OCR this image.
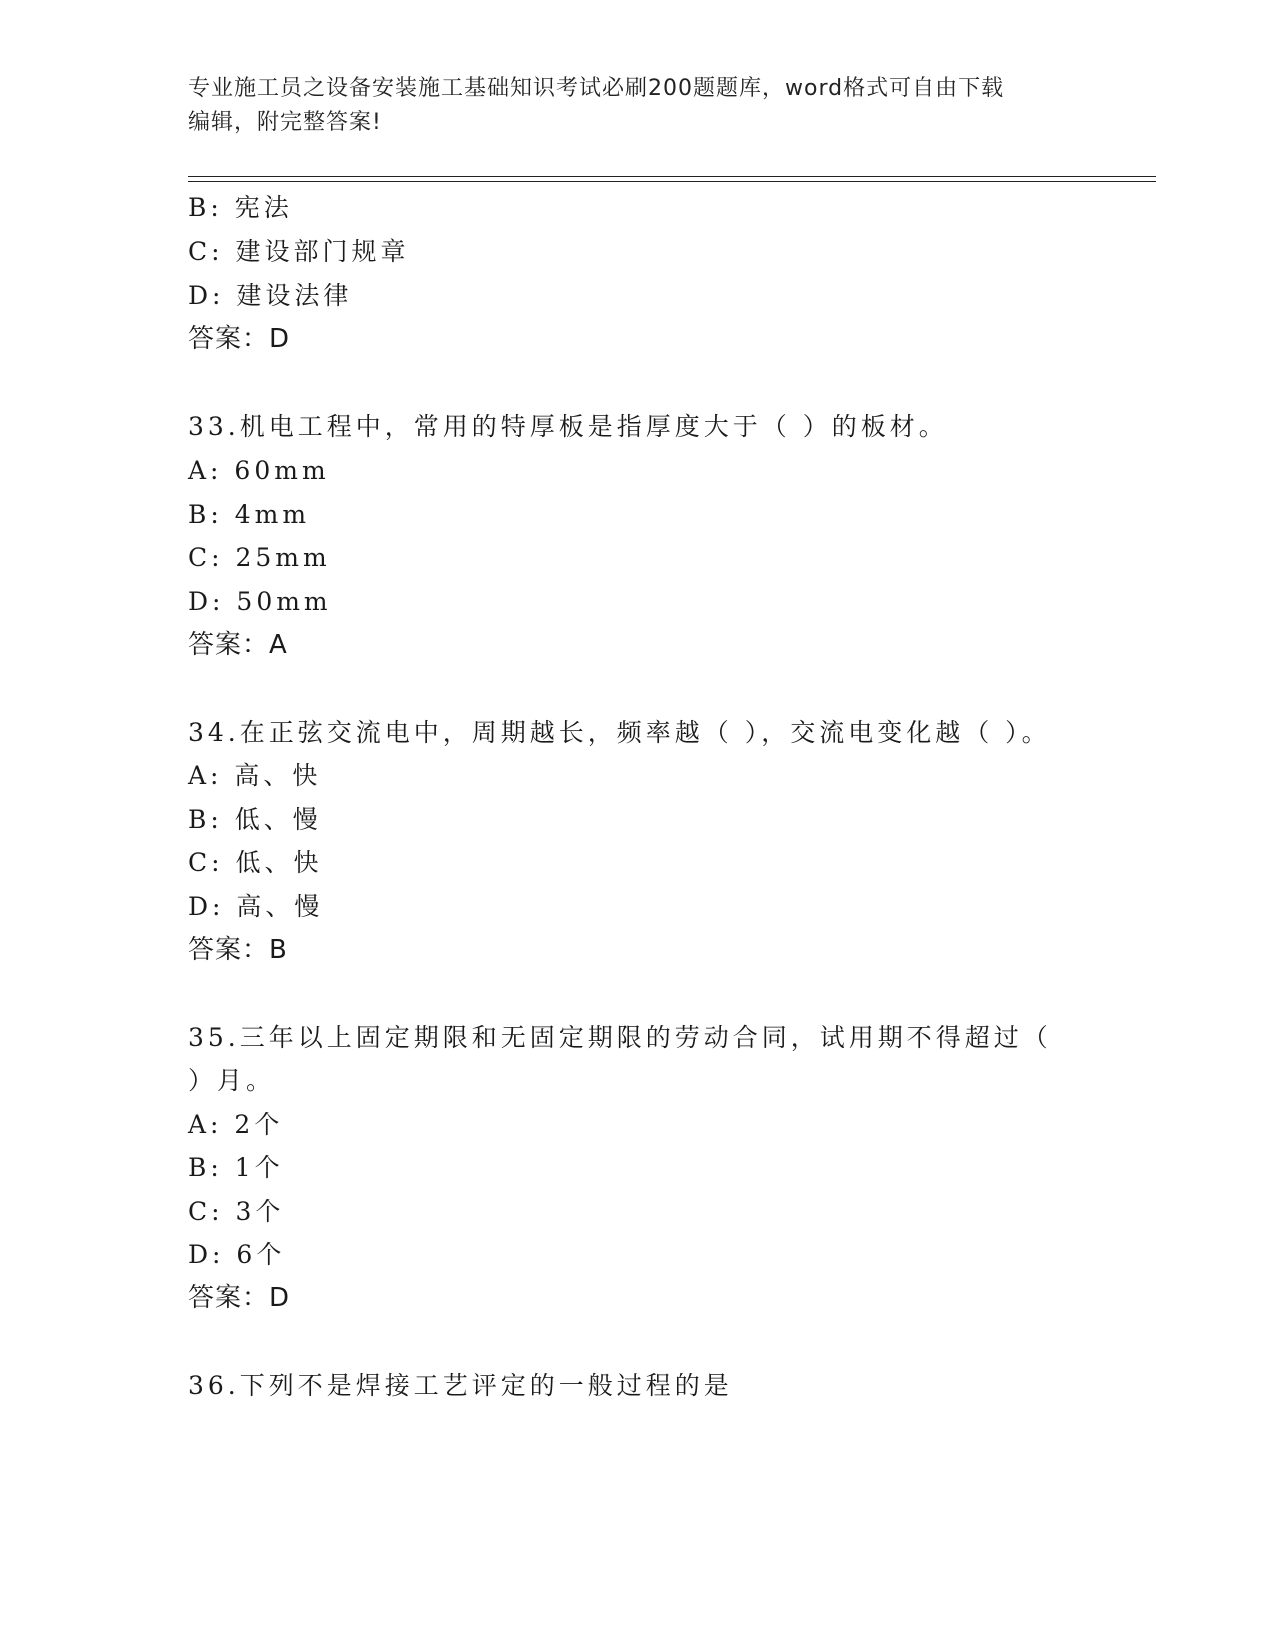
专业施工员之设备安装施工基础知识考试必刷200题题库，word格式可自由下载
编辑，附完整答案!
B: 宪法
C: 建设部门规章
D: 建设法律
答案：D
33.机电工程中，常用的特厚板是指厚度大于（ ）的板材。
A: 60mm
B: 4mm
C: 25mm
D: 50mm
答案：A
34.在正弦交流电中，周期越长，频率越（ ），交流电变化越（ ）。
A: 高、快
B: 低、慢
C: 低、快
D: 高、慢
答案：B
35.三年以上固定期限和无固定期限的劳动合同，试用期不得超过（
）月。
A: 2个
B: 1个
C: 3个
D: 6个
答案：D
36.下列不是焊接工艺评定的一般过程的是
